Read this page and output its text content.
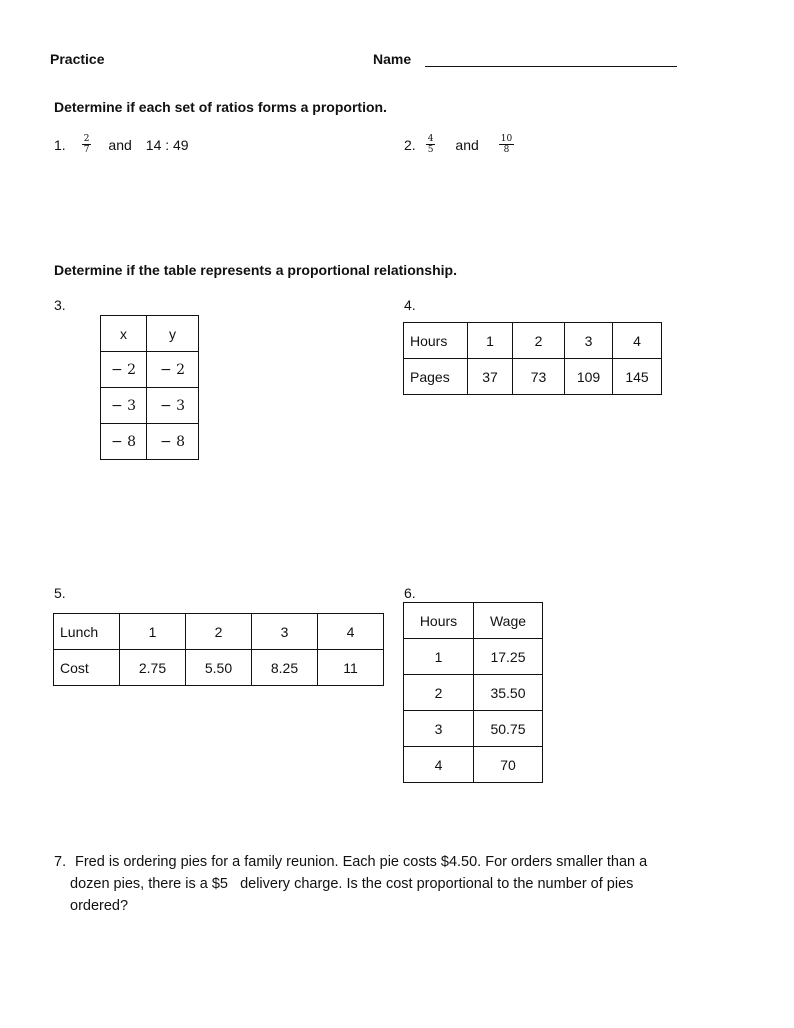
Practice	Name
Determine if each set of ratios forms a proportion.
1. $\frac{2}{7}$ and 14 : 49	2. $\frac{4}{5}$ and $\frac{10}{8}$
Determine if the table represents a proportional relationship.
3.
x	y
− 2	− 2
− 3	− 3
− 8	− 8
4.
Hours	1	2	3	4
Pages	37	73	109	145
5.
Lunch	1	2	3	4
Cost	2.75	5.50	8.25	11
6.
Hours	Wage
1	17.25
2	35.50
3	50.75
4	70
7. Fred is ordering pies for a family reunion. Each pie costs $4.50. For orders smaller than a
dozen pies, there is a $5   delivery charge. Is the cost proportional to the number of pies
ordered?
